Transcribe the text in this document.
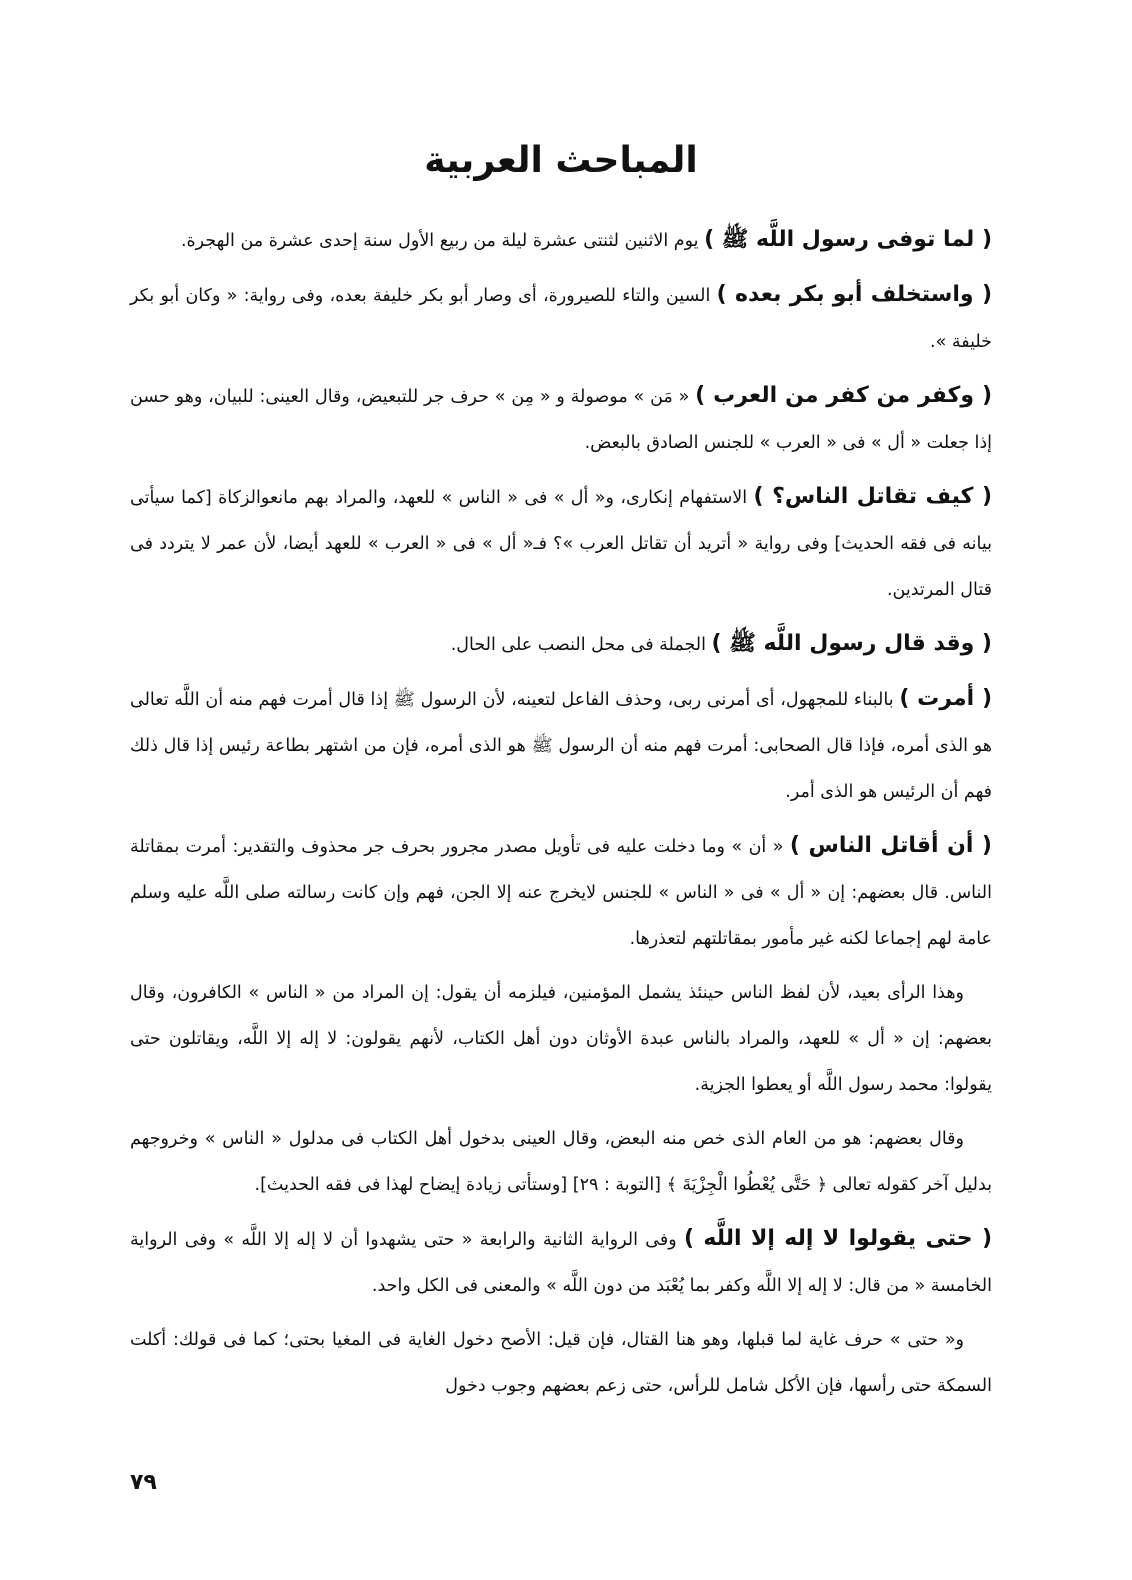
المباحث العربية

( لما توفى رسول اللَّه ﷺ ) يوم الاثنين لثنتى عشرة ليلة من ربيع الأول سنة إحدى عشرة من الهجرة.

( واستخلف أبو بكر بعده ) السين والتاء للصيرورة، أى وصار أبو بكر خليفة بعده، وفى رواية: « وكان أبو بكر خليفة ».

( وكفر من كفر من العرب ) « مَن » موصولة و « مِن » حرف جر للتبعيض، وقال العينى: للبيان، وهو حسن إذا جعلت « أل » فى « العرب » للجنس الصادق بالبعض.

( كيف تقاتل الناس؟ ) الاستفهام إنكارى، و« أل » فى « الناس » للعهد، والمراد بهم مانعوالزكاة [كما سيأتى بيانه فى فقه الحديث] وفى رواية « أتريد أن تقاتل العرب »؟ فـ« أل » فى « العرب » للعهد أيضا، لأن عمر لا يتردد فى قتال المرتدين.

( وقد قال رسول اللَّه ﷺ ) الجملة فى محل النصب على الحال.

( أمرت ) بالبناء للمجهول، أى أمرنى ربى، وحذف الفاعل لتعينه، لأن الرسول ﷺ إذا قال أمرت فهم منه أن اللَّه تعالى هو الذى أمره، فإذا قال الصحابى: أمرت فهم منه أن الرسول ﷺ هو الذى أمره، فإن من اشتهر بطاعة رئيس إذا قال ذلك فهم أن الرئيس هو الذى أمر.

( أن أقاتل الناس ) « أن » وما دخلت عليه فى تأويل مصدر مجرور بحرف جر محذوف والتقدير: أمرت بمقاتلة الناس. قال بعضهم: إن « أل » فى « الناس » للجنس لايخرج عنه إلا الجن، فهم وإن كانت رسالته صلى اللَّه عليه وسلم عامة لهم إجماعا لكنه غير مأمور بمقاتلتهم لتعذرها.

وهذا الرأى بعيد، لأن لفظ الناس حينئذ يشمل المؤمنين، فيلزمه أن يقول: إن المراد من « الناس » الكافرون، وقال بعضهم: إن « أل » للعهد، والمراد بالناس عبدة الأوثان دون أهل الكتاب، لأنهم يقولون: لا إله إلا اللَّه، ويقاتلون حتى يقولوا: محمد رسول اللَّه أو يعطوا الجزية.

وقال بعضهم: هو من العام الذى خص منه البعض، وقال العينى بدخول أهل الكتاب فى مدلول « الناس » وخروجهم بدليل آخر كقوله تعالى ﴿ حَتَّى يُعْطُوا الْجِزْيَةَ ﴾ [التوبة : ٢٩] [وستأتى زيادة إيضاح لهذا فى فقه الحديث].

( حتى يقولوا لا إله إلا اللَّه ) وفى الرواية الثانية والرابعة « حتى يشهدوا أن لا إله إلا اللَّه » وفى الرواية الخامسة « من قال: لا إله إلا اللَّه وكفر بما يُعْبَد من دون اللَّه » والمعنى فى الكل واحد.

و« حتى » حرف غاية لما قبلها، وهو هنا القتال، فإن قيل: الأصح دخول الغاية فى المغيا بحتى؛ كما فى قولك: أكلت السمكة حتى رأسها، فإن الأكل شامل للرأس، حتى زعم بعضهم وجوب دخول

٧٩
